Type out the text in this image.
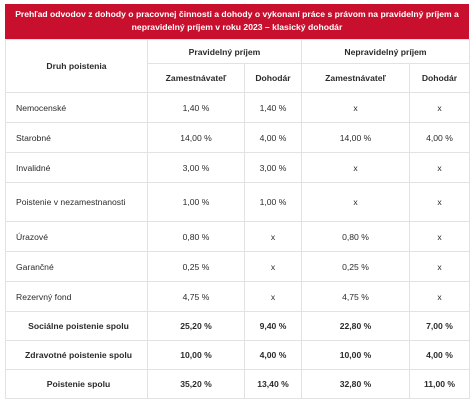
Prehľad odvodov z dohody o pracovnej činnosti a dohody o vykonaní práce s právom na pravidelný príjem a nepravidelný príjem v roku 2023 – klasický dohodár
Druh poistenia	Pravidelný príjem		Nepravidelný príjem	
	Zamestnávateľ	Dohodár	Zamestnávateľ	Dohodár
Nemocenské	1,40 %	1,40 %	x	x
Starobné	14,00 %	4,00 %	14,00 %	4,00 %
Invalidné	3,00 %	3,00 %	x	x
Poistenie v nezamestnanosti	1,00 %	1,00 %	x	x
Úrazové	0,80 %	x	0,80 %	x
Garančné	0,25 %	x	0,25 %	x
Rezervný fond	4,75 %	x	4,75 %	x
Sociálne poistenie spolu	25,20 %	9,40 %	22,80 %	7,00 %
Zdravotné poistenie spolu	10,00 %	4,00 %	10,00 %	4,00 %
Poistenie spolu	35,20 %	13,40 %	32,80 %	11,00 %
